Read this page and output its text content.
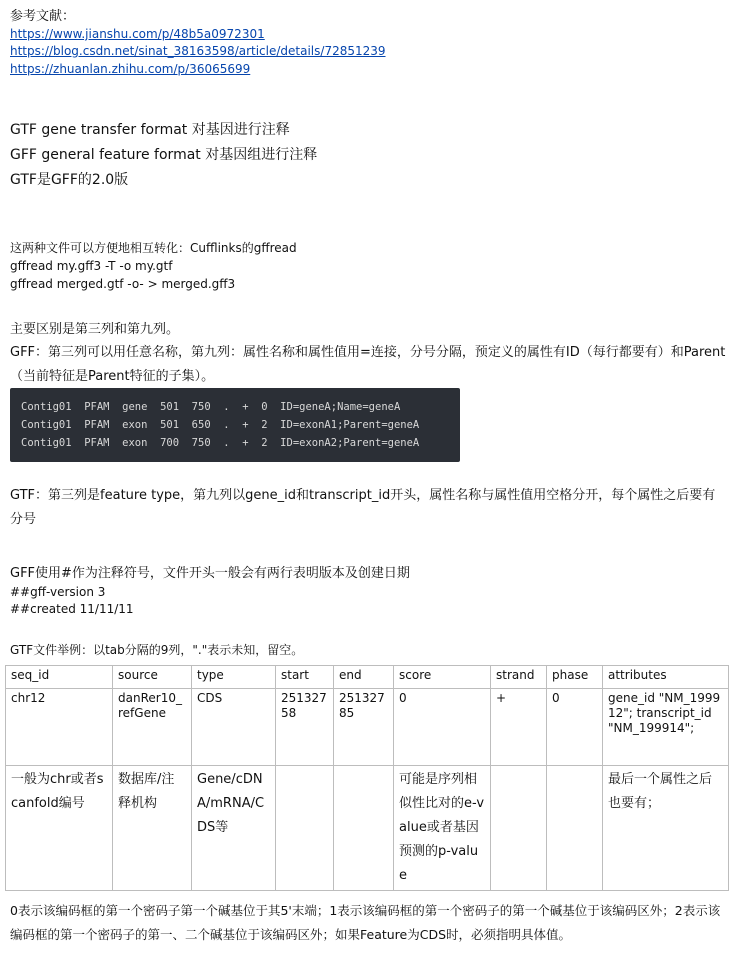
参考文献：
https://www.jianshu.com/p/48b5a0972301
https://blog.csdn.net/sinat_38163598/article/details/72851239
https://zhuanlan.zhihu.com/p/36065699
GTF gene transfer format 对基因进行注释
GFF general feature format 对基因组进行注释
GTF是GFF的2.0版
这两种文件可以方便地相互转化：Cufflinks的gffread
gffread my.gff3 -T -o my.gtf
gffread merged.gtf -o- > merged.gff3
主要区别是第三列和第九列。
GFF：第三列可以用任意名称，第九列：属性名称和属性值用=连接，分号分隔，预定义的属性有ID（每行都要有）和Parent（当前特征是Parent特征的子集）。
Contig01  PFAM  gene  501  750  .  +  0  ID=geneA;Name=geneA
Contig01  PFAM  exon  501  650  .  +  2  ID=exonA1;Parent=geneA
Contig01  PFAM  exon  700  750  .  +  2  ID=exonA2;Parent=geneA
GTF：第三列是feature type，第九列以gene_id和transcript_id开头，属性名称与属性值用空格分开，每个属性之后要有分号
GFF使用#作为注释符号，文件开头一般会有两行表明版本及创建日期
##gff-version 3
##created 11/11/11
GTF文件举例：以tab分隔的9列，"."表示未知，留空。
seq_id	source	type	start	end	score	strand	phase	attributes
chr12	danRer10_refGene	CDS	25132758	25132785	0	+	0	gene_id "NM_199912"; transcript_id "NM_199914";
一般为chr或者scanfold编号	数据库/注释机构	Gene/cDNA/mRNA/CDS等			可能是序列相似性比对的e-value或者基因预测的p-value			最后一个属性之后也要有；
0表示该编码框的第一个密码子第一个碱基位于其5'末端；1表示该编码框的第一个密码子的第一个碱基位于该编码区外；2表示该编码框的第一个密码子的第一、二个碱基位于该编码区外；如果Feature为CDS时，必须指明具体值。
